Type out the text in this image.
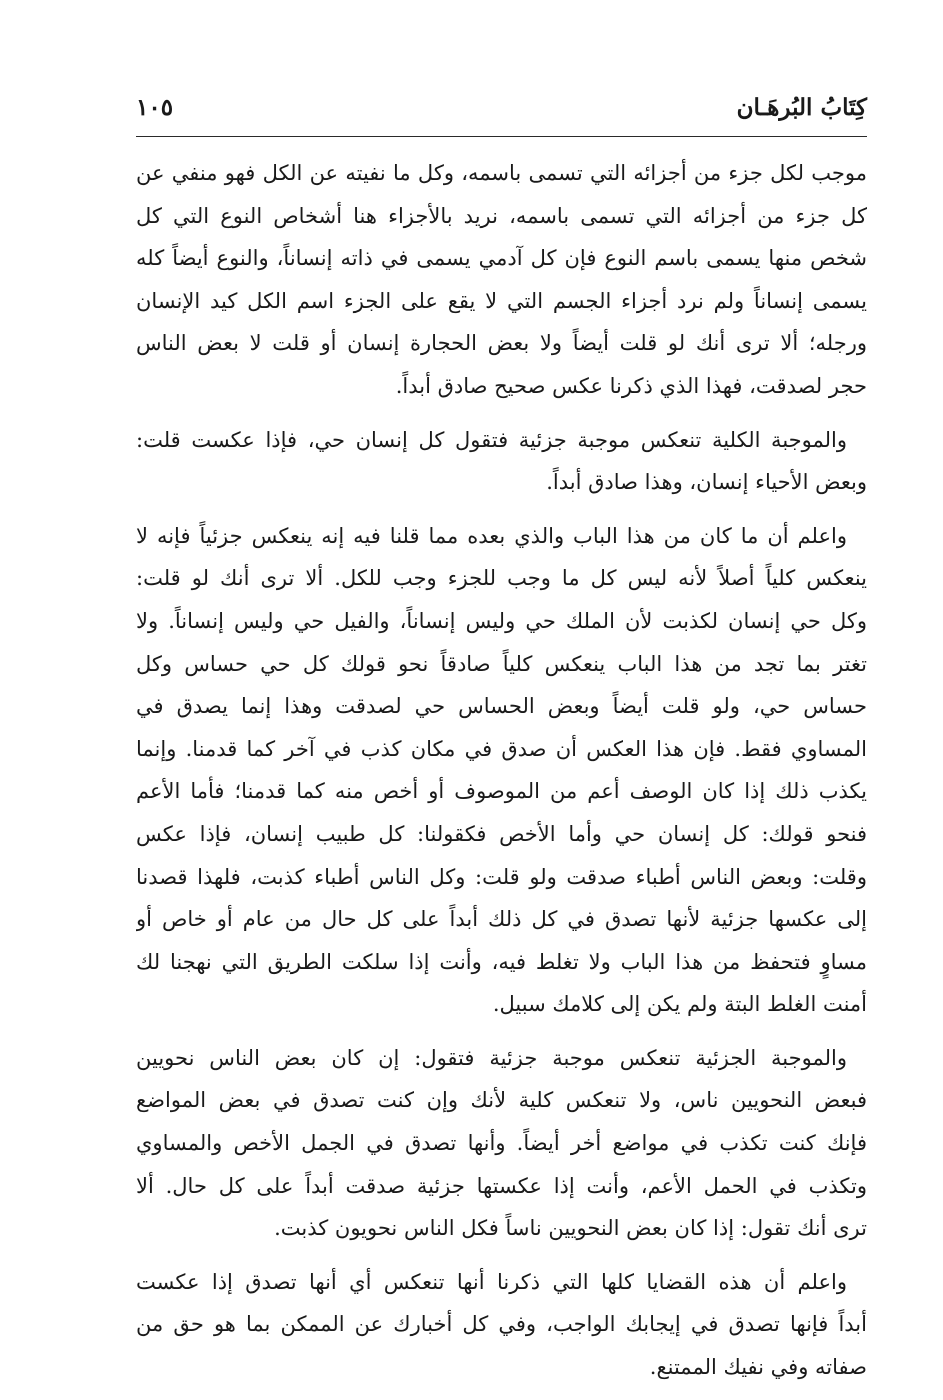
كِتَابُ البُرهَـان
١٠٥
موجب لكل جزء من أجزائه التي تسمى باسمه، وكل ما نفيته عن الكل فهو منفي عن
كل جزء من أجزائه التي تسمى باسمه، نريد بالأجزاء هنا أشخاص النوع التي كل
شخص منها يسمى باسم النوع فإن كل آدمي يسمى في ذاته إنساناً، والنوع أيضاً كله
يسمى إنساناً ولم نرد أجزاء الجسم التي لا يقع على الجزء اسم الكل كيد الإنسان
ورجله؛ ألا ترى أنك لو قلت أيضاً ولا بعض الحجارة إنسان أو قلت لا بعض الناس
حجر لصدقت، فهذا الذي ذكرنا عكس صحيح صادق أبداً.
والموجبة الكلية تنعكس موجبة جزئية فتقول كل إنسان حي، فإذا عكست قلت:
وبعض الأحياء إنسان، وهذا صادق أبداً.
واعلم أن ما كان من هذا الباب والذي بعده مما قلنا فيه إنه ينعكس جزئياً فإنه لا
ينعكس كلياً أصلاً لأنه ليس كل ما وجب للجزء وجب للكل. ألا ترى أنك لو قلت:
وكل حي إنسان لكذبت لأن الملك حي وليس إنساناً، والفيل حي وليس إنساناً. ولا
تغتر بما تجد من هذا الباب ينعكس كلياً صادقاً نحو قولك كل حي حساس وكل
حساس حي، ولو قلت أيضاً وبعض الحساس حي لصدقت وهذا إنما يصدق في
المساوي فقط. فإن هذا العكس أن صدق في مكان كذب في آخر كما قدمنا. وإنما
يكذب ذلك إذا كان الوصف أعم من الموصوف أو أخص منه كما قدمنا؛ فأما الأعم
فنحو قولك: كل إنسان حي وأما الأخص فكقولنا: كل طبيب إنسان، فإذا عكس
وقلت: وبعض الناس أطباء صدقت ولو قلت: وكل الناس أطباء كذبت، فلهذا قصدنا
إلى عكسها جزئية لأنها تصدق في كل ذلك أبداً على كل حال من عام أو خاص أو
مساوٍ فتحفظ من هذا الباب ولا تغلط فيه، وأنت إذا سلكت الطريق التي نهجنا لك
أمنت الغلط البتة ولم يكن إلى كلامك سبيل.
والموجبة الجزئية تنعكس موجبة جزئية فتقول: إن كان بعض الناس نحويين
فبعض النحويين ناس، ولا تنعكس كلية لأنك وإن كنت تصدق في بعض المواضع
فإنك كنت تكذب في مواضع أخر أيضاً. وأنها تصدق في الجمل الأخص والمساوي
وتكذب في الحمل الأعم، وأنت إذا عكستها جزئية صدقت أبداً على كل حال. ألا
ترى أنك تقول: إذا كان بعض النحويين ناساً فكل الناس نحويون كذبت.
واعلم أن هذه القضايا كلها التي ذكرنا أنها تنعكس أي أنها تصدق إذا عكست
أبداً فإنها تصدق في إيجابك الواجب، وفي كل أخبارك عن الممكن بما هو حق من
صفاته وفي نفيك الممتنع.
